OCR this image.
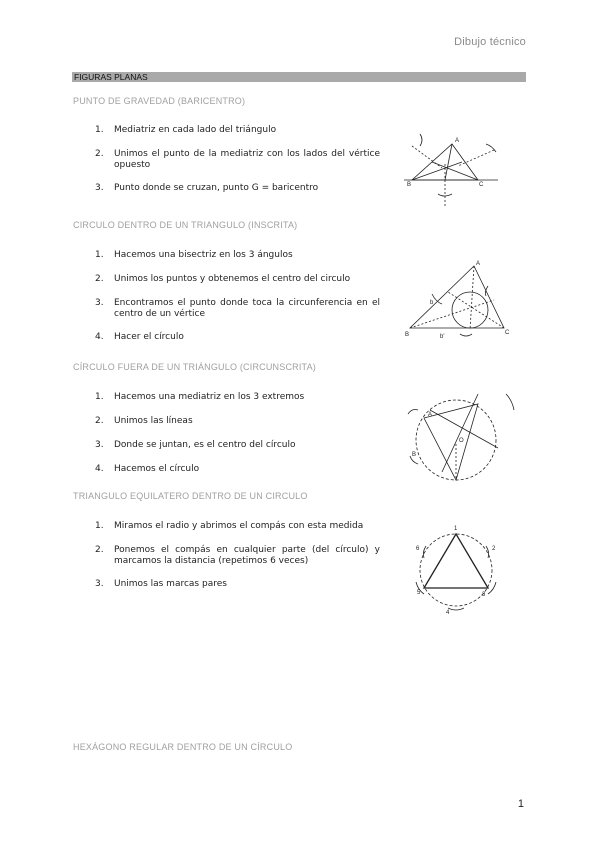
Dibujo técnico
FIGURAS PLANAS
PUNTO DE GRAVEDAD (BARICENTRO)
1. Mediatriz en cada lado del triángulo
2. Unimos el punto de la mediatriz con los lados del vértice opuesto
3. Punto donde se cruzan, punto G = baricentro
A
B	C
CIRCULO DENTRO DE UN TRIANGULO (INSCRITA)
1. Hacemos una bisectriz en los 3 ángulos
2. Unimos los puntos y obtenemos el centro del circulo
3. Encontramos el punto donde toca la circunferencia en el centro de un vértice
4. Hacer el círculo
A
B	C
b
b'
CÍRCULO FUERA DE UN TRIÁNGULO (CIRCUNSCRITA)
1. Hacemos una mediatriz en los 3 extremos
2. Unimos las líneas
3. Donde se juntan, es el centro del círculo
4. Hacemos el círculo
A
B
O
TRIANGULO EQUILATERO DENTRO DE UN CIRCULO
1. Miramos el radio y abrimos el compás con esta medida
2. Ponemos el compás en cualquier parte (del círculo) y marcamos la distancia (repetimos 6 veces)
3. Unimos las marcas pares
1
6	2
5	3
4
HEXÁGONO REGULAR DENTRO DE UN CÍRCULO
1
